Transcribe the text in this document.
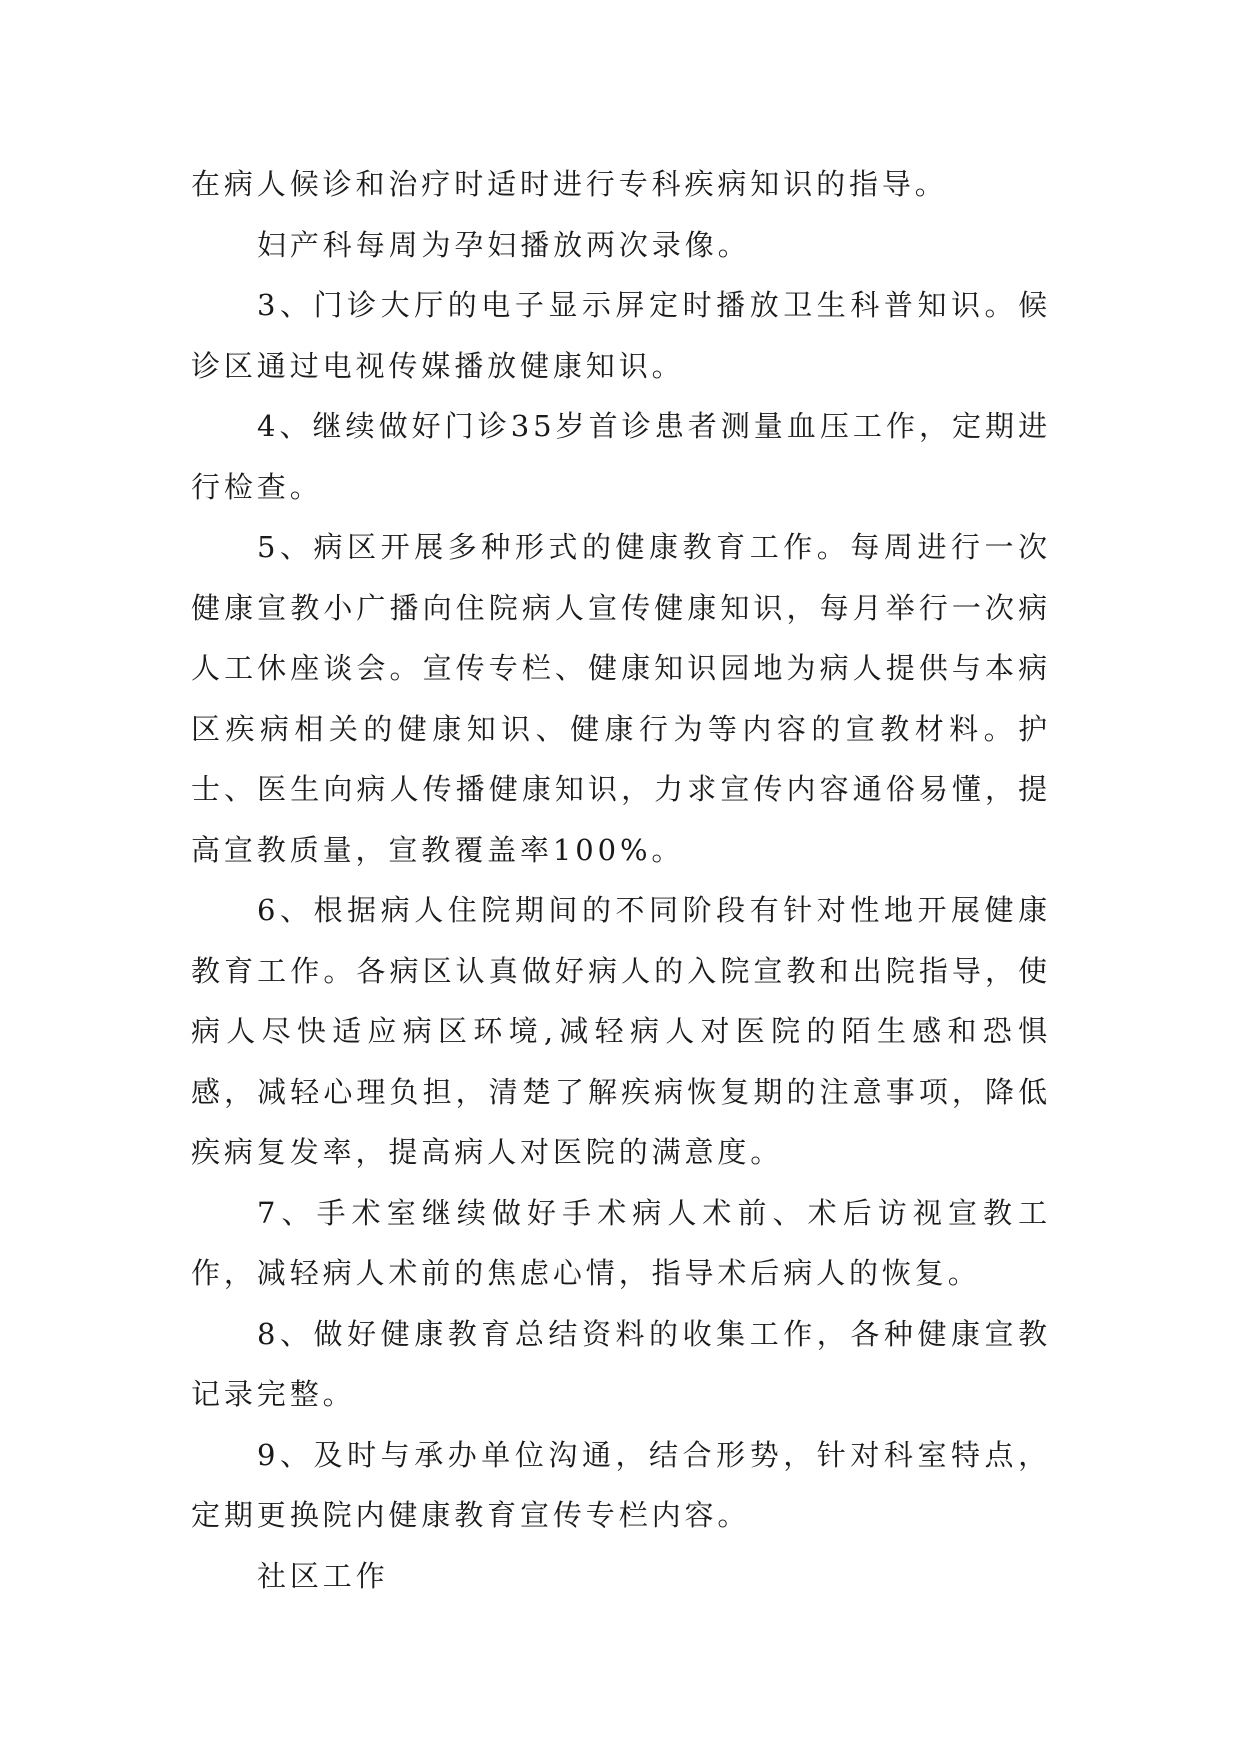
在病人候诊和治疗时适时进行专科疾病知识的指导。

妇产科每周为孕妇播放两次录像。

3、门诊大厅的电子显示屏定时播放卫生科普知识。候诊区通过电视传媒播放健康知识。

4、继续做好门诊35岁首诊患者测量血压工作，定期进行检查。

5、病区开展多种形式的健康教育工作。每周进行一次健康宣教小广播向住院病人宣传健康知识，每月举行一次病人工休座谈会。宣传专栏、健康知识园地为病人提供与本病区疾病相关的健康知识、健康行为等内容的宣教材料。护士、医生向病人传播健康知识，力求宣传内容通俗易懂，提高宣教质量，宣教覆盖率100%。

6、根据病人住院期间的不同阶段有针对性地开展健康教育工作。各病区认真做好病人的入院宣教和出院指导，使病人尽快适应病区环境,减轻病人对医院的陌生感和恐惧感，减轻心理负担，清楚了解疾病恢复期的注意事项，降低疾病复发率，提高病人对医院的满意度。

7、手术室继续做好手术病人术前、术后访视宣教工作，减轻病人术前的焦虑心情，指导术后病人的恢复。

8、做好健康教育总结资料的收集工作，各种健康宣教记录完整。

9、及时与承办单位沟通，结合形势，针对科室特点，定期更换院内健康教育宣传专栏内容。

社区工作
